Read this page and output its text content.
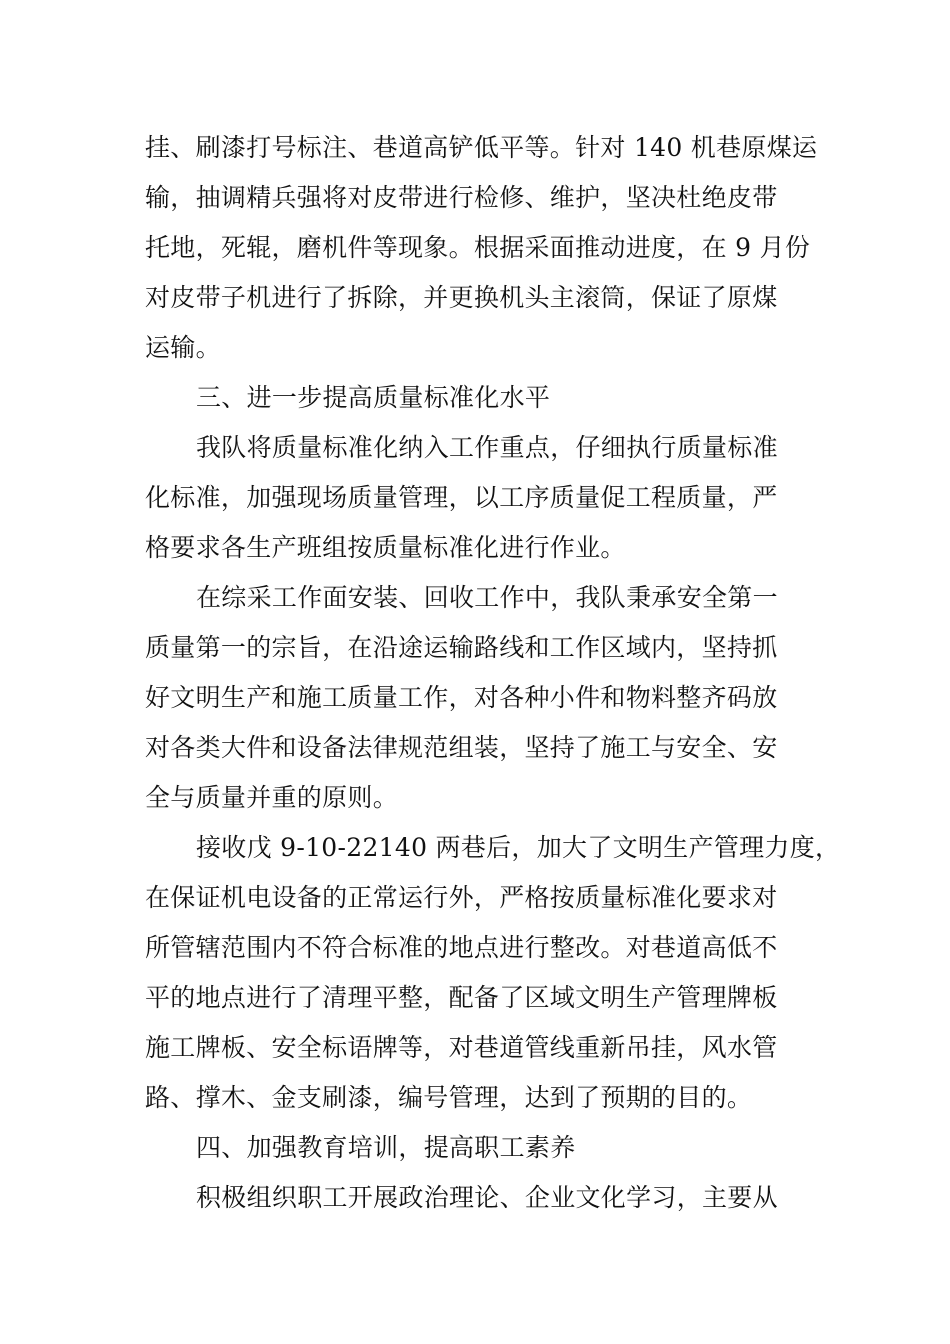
挂、刷漆打号标注、巷道高铲低平等。针对 140 机巷原煤运
输，抽调精兵强将对皮带进行检修、维护，坚决杜绝皮带
托地，死辊，磨机件等现象。根据采面推动进度，在 9 月份
对皮带子机进行了拆除，并更换机头主滚筒，保证了原煤
运输。
三、进一步提高质量标准化水平
我队将质量标准化纳入工作重点，仔细执行质量标准
化标准，加强现场质量管理，以工序质量促工程质量，严
格要求各生产班组按质量标准化进行作业。
在综采工作面安装、回收工作中，我队秉承安全第一
质量第一的宗旨，在沿途运输路线和工作区域内，坚持抓
好文明生产和施工质量工作，对各种小件和物料整齐码放
对各类大件和设备法律规范组装，坚持了施工与安全、安
全与质量并重的原则。
接收戊 9-10-22140 两巷后，加大了文明生产管理力度，
在保证机电设备的正常运行外，严格按质量标准化要求对
所管辖范围内不符合标准的地点进行整改。对巷道高低不
平的地点进行了清理平整，配备了区域文明生产管理牌板
施工牌板、安全标语牌等，对巷道管线重新吊挂，风水管
路、撑木、金支刷漆，编号管理，达到了预期的目的。
四、加强教育培训，提高职工素养
积极组织职工开展政治理论、企业文化学习，主要从
